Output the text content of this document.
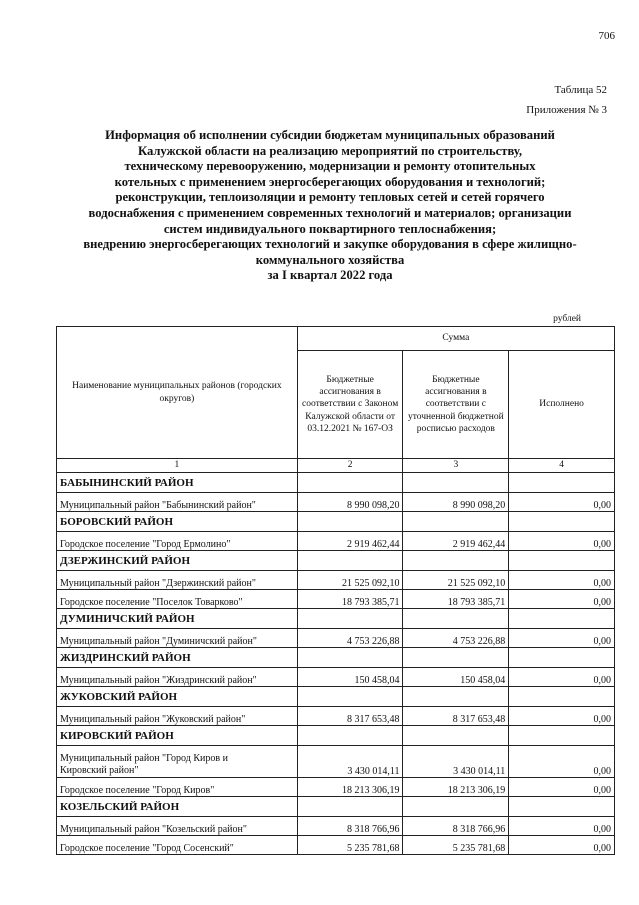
706
Таблица 52
Приложения № 3
Информация об исполнении субсидии бюджетам муниципальных образований
Калужской области на реализацию мероприятий по строительству,
техническому перевооружению, модернизации и ремонту отопительных
котельных с применением энергосберегающих оборудования и технологий;
реконструкции, теплоизоляции и ремонту тепловых сетей и сетей горячего
водоснабжения с применением современных технологий и материалов; организации
систем индивидуального поквартирного теплоснабжения;
внедрению энергосберегающих технологий и закупке оборудования в сфере жилищно-
коммунального хозяйства
за I квартал 2022 года
рублей
Наименование муниципальных районов (городских округов)	Сумма		
	Бюджетные ассигнования в соответствии с Законом Калужской области от 03.12.2021 № 167-ОЗ	Бюджетные ассигнования в соответствии с уточненной бюджетной росписью расходов	Исполнено
1	2	3	4
БАБЫНИНСКИЙ РАЙОН			
Муниципальный район "Бабынинский район"	8 990 098,20	8 990 098,20	0,00
БОРОВСКИЙ РАЙОН			
Городское поселение "Город Ермолино"	2 919 462,44	2 919 462,44	0,00
ДЗЕРЖИНСКИЙ РАЙОН			
Муниципальный район "Дзержинский район"	21 525 092,10	21 525 092,10	0,00
Городское поселение "Поселок Товарково"	18 793 385,71	18 793 385,71	0,00
ДУМИНИЧСКИЙ РАЙОН			
Муниципальный район "Думиничский район"	4 753 226,88	4 753 226,88	0,00
ЖИЗДРИНСКИЙ РАЙОН			
Муниципальный район "Жиздринский район"	150 458,04	150 458,04	0,00
ЖУКОВСКИЙ РАЙОН			
Муниципальный район "Жуковский район"	8 317 653,48	8 317 653,48	0,00
КИРОВСКИЙ РАЙОН			

Муниципальный район "Город Киров и
Кировский район"	3 430 014,11	3 430 014,11	0,00
Городское поселение "Город Киров"	18 213 306,19	18 213 306,19	0,00
КОЗЕЛЬСКИЙ РАЙОН			
Муниципальный район "Козельский район"	8 318 766,96	8 318 766,96	0,00
Городское поселение "Город Сосенский"	5 235 781,68	5 235 781,68	0,00
